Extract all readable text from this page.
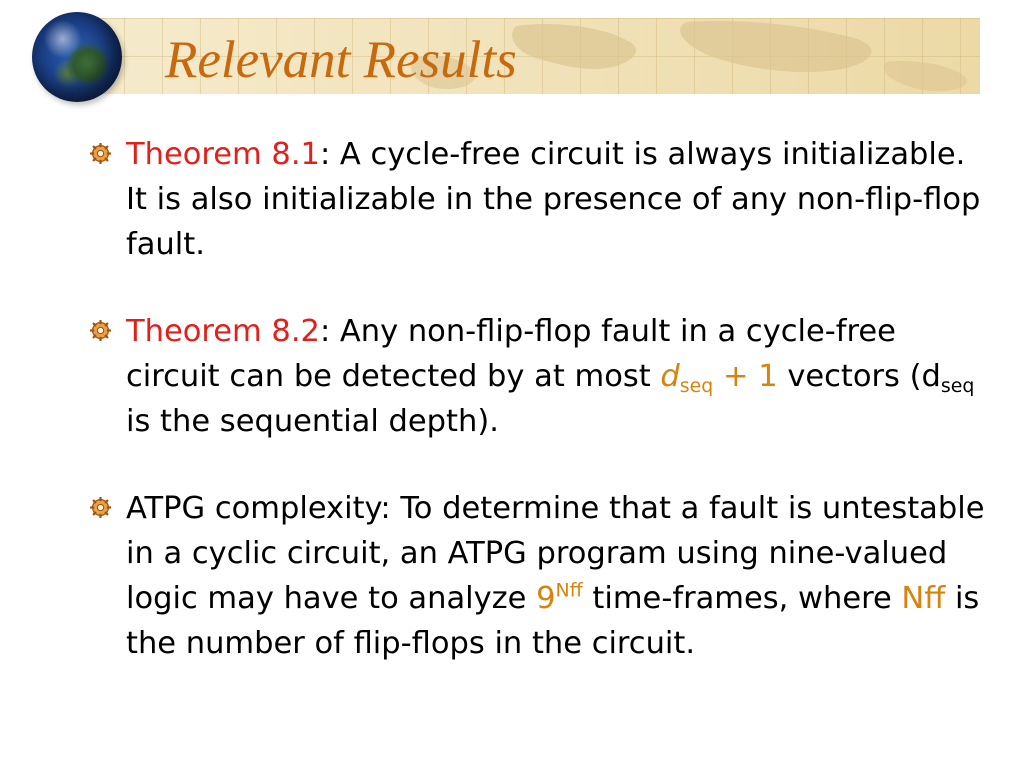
Relevant Results
Theorem 8.1: A cycle-free circuit is always initializable. It is also initializable in the presence of any non-flip-flop fault.
Theorem 8.2: Any non-flip-flop fault in a cycle-free circuit can be detected by at most $d_{seq} + 1$ vectors ($d_{seq}$ is the sequential depth).
ATPG complexity: To determine that a fault is untestable in a cyclic circuit, an ATPG program using nine-valued logic may have to analyze $9^{Nff}$ time-frames, where Nff is the number of flip-flops in the circuit.
